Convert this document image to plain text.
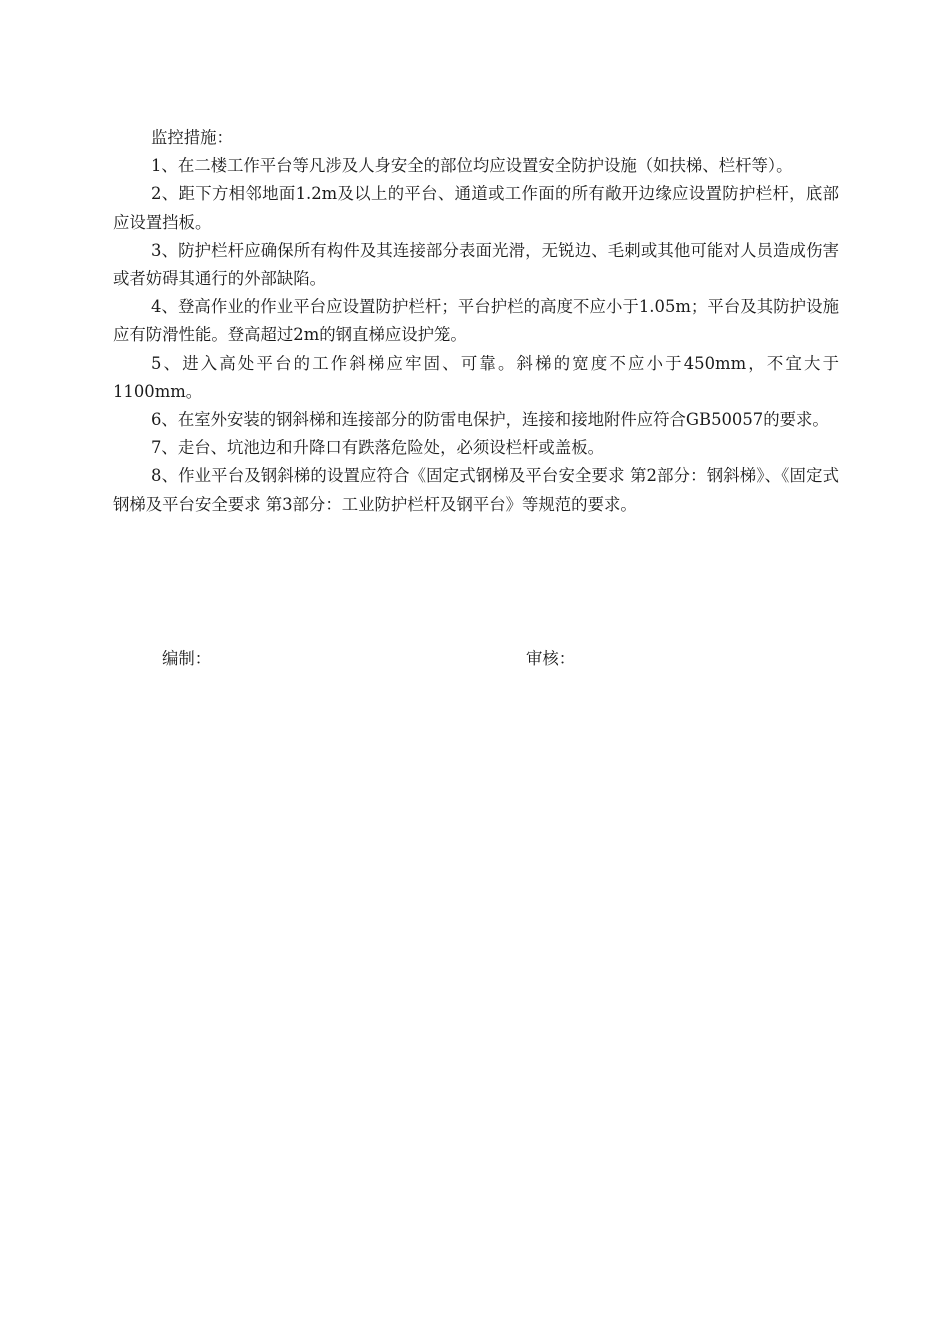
监控措施：

1、在二楼工作平台等凡涉及人身安全的部位均应设置安全防护设施（如扶梯、栏杆等）。

2、距下方相邻地面1.2m及以上的平台、通道或工作面的所有敞开边缘应设置防护栏杆，底部应设置挡板。

3、防护栏杆应确保所有构件及其连接部分表面光滑，无锐边、毛刺或其他可能对人员造成伤害或者妨碍其通行的外部缺陷。

4、登高作业的作业平台应设置防护栏杆；平台护栏的高度不应小于1.05m；平台及其防护设施应有防滑性能。登高超过2m的钢直梯应设护笼。

5、进入高处平台的工作斜梯应牢固、可靠。斜梯的宽度不应小于450mm，不宜大于1100mm。

6、在室外安装的钢斜梯和连接部分的防雷电保护，连接和接地附件应符合GB50057的要求。

7、走台、坑池边和升降口有跌落危险处，必须设栏杆或盖板。

8、作业平台及钢斜梯的设置应符合《固定式钢梯及平台安全要求 第2部分：钢斜梯》、《固定式钢梯及平台安全要求 第3部分：工业防护栏杆及钢平台》等规范的要求。

编制：	审核：
